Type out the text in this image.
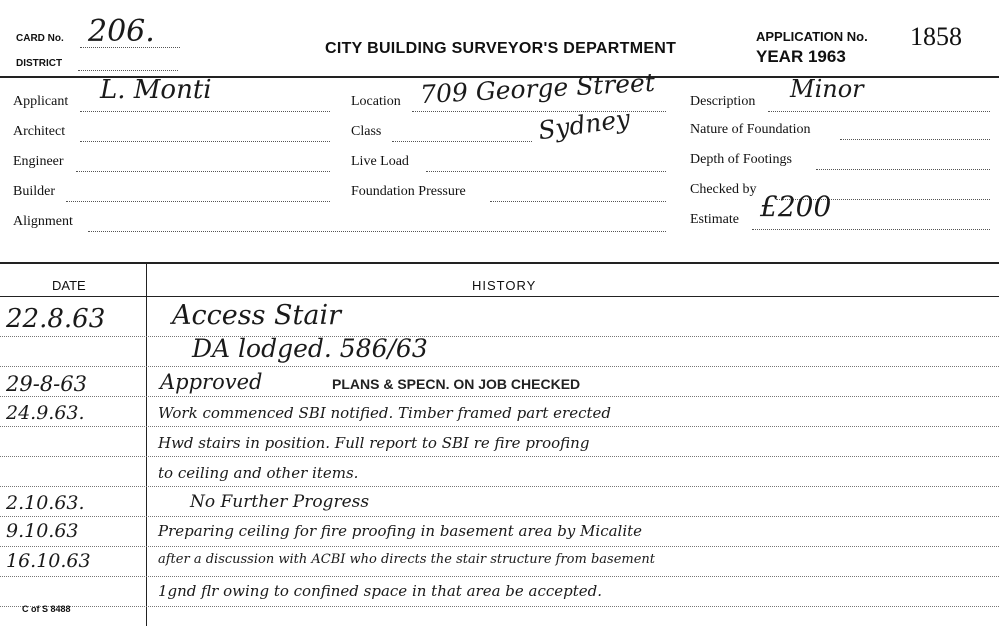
CARD No. 206.
DISTRICT
CITY BUILDING SURVEYOR'S DEPARTMENT
APPLICATION No. 1858
YEAR 1963
Applicant L. Monti
Architect
Engineer
Builder
Alignment
Location 709 George Street
Sydney
Class
Live Load
Foundation Pressure
Description Minor
Nature of Foundation
Depth of Footings
Checked by
Estimate £200
DATE	HISTORY
22.8.63 Access Stair
DA lodged. 586/63
29-8-63	Approved	PLANS & SPECN. ON JOB CHECKED
24.9.63.	Work commenced SBI notified. Timber framed part erected
Hwd stairs in position. Full report to SBI re fire proofing
to ceiling and other items.
2.10.63.	No Further Progress
9.10.63	Preparing ceiling for fire proofing in basement area by Micalite
16.10.63	after a discussion with ACBI who directs the stair structure from basement
1gnd flr owing to confined space in that area be accepted.
C of S 8488
